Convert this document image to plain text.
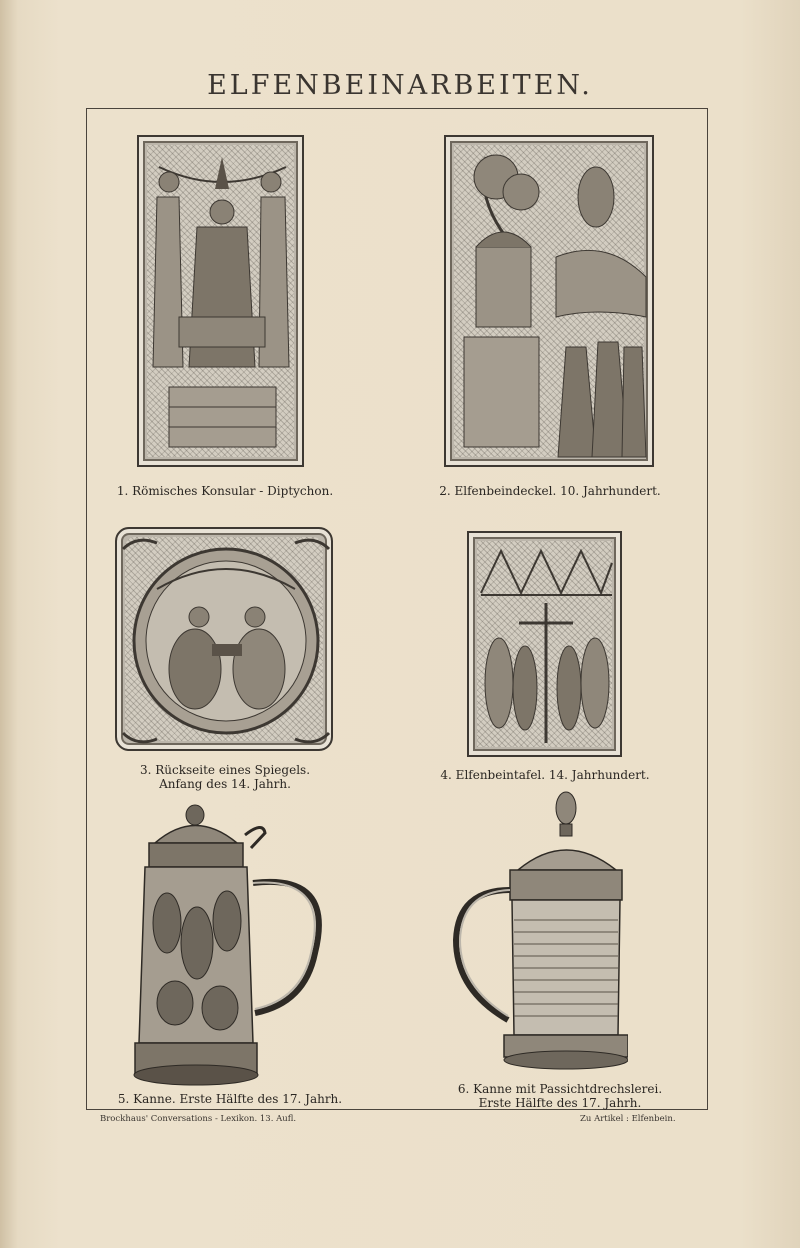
ELFENBEINARBEITEN.
1. Römisches Konsular - Diptychon.	2. Elfenbeindeckel. 10. Jahrhundert.
3. Rückseite eines Spiegels.
Anfang des 14. Jahrh.
4. Elfenbeintafel. 14. Jahrhundert.
5. Kanne. Erste Hälfte des 17. Jahrh.
6. Kanne mit Passichtdrechslerei.
Erste Hälfte des 17. Jahrh.
Brockhaus' Conversations - Lexikon. 13. Aufl.	Zu Artikel : Elfenbein.
